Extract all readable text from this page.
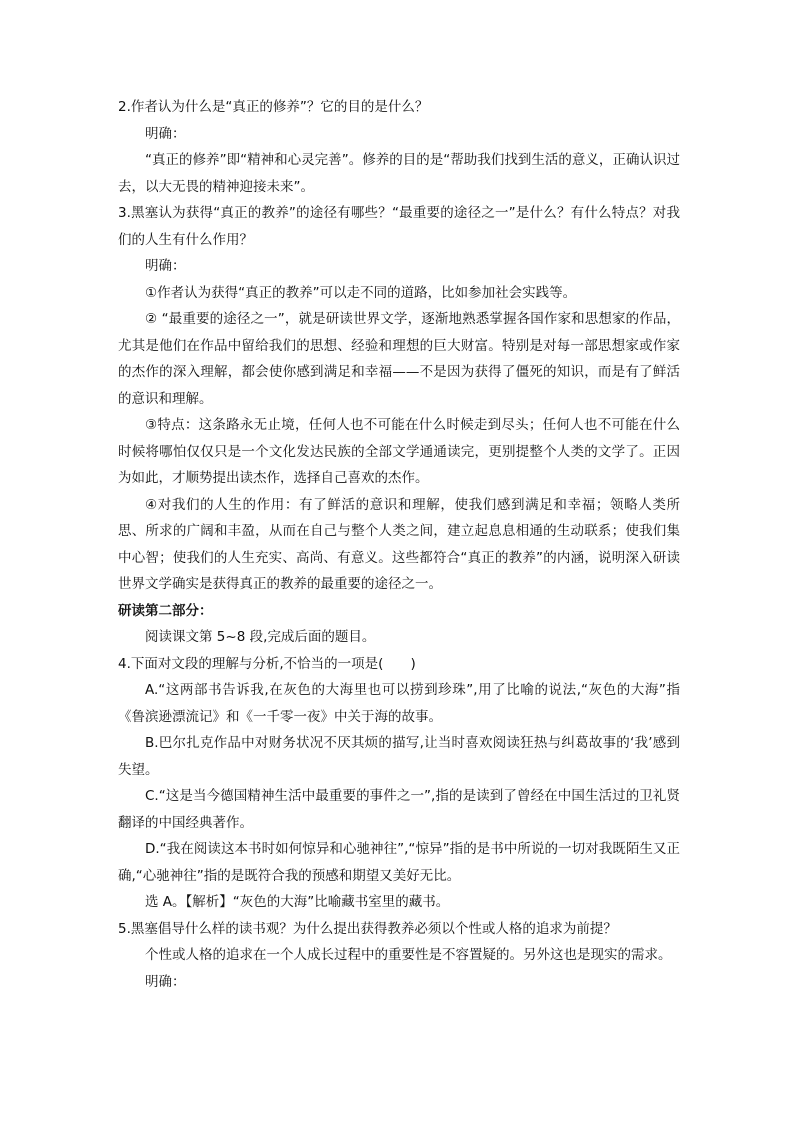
2.作者认为什么是“真正的修养”？它的目的是什么？

明确：

“真正的修养”即“精神和心灵完善”。修养的目的是“帮助我们找到生活的意义，正确认识过去，以大无畏的精神迎接未来”。

3.黑塞认为获得“真正的教养”的途径有哪些？“最重要的途径之一”是什么？有什么特点？对我们的人生有什么作用？

明确：

①作者认为获得“真正的教养”可以走不同的道路，比如参加社会实践等。

② “最重要的途径之一”，就是研读世界文学，逐渐地熟悉掌握各国作家和思想家的作品，尤其是他们在作品中留给我们的思想、经验和理想的巨大财富。特别是对每一部思想家或作家的杰作的深入理解，都会使你感到满足和幸福——不是因为获得了僵死的知识，而是有了鲜活的意识和理解。

③特点：这条路永无止境，任何人也不可能在什么时候走到尽头；任何人也不可能在什么时候将哪怕仅仅只是一个文化发达民族的全部文学通通读完，更别提整个人类的文学了。正因为如此，才顺势提出读杰作，选择自己喜欢的杰作。

④对我们的人生的作用：有了鲜活的意识和理解，使我们感到满足和幸福；领略人类所思、所求的广阔和丰盈，从而在自己与整个人类之间，建立起息息相通的生动联系；使我们集中心智；使我们的人生充实、高尚、有意义。这些都符合“真正的教养”的内涵，说明深入研读世界文学确实是获得真正的教养的最重要的途径之一。

研读第二部分：

阅读课文第 5~8 段,完成后面的题目。

4.下面对文段的理解与分析,不恰当的一项是(　　)

A.“这两部书告诉我,在灰色的大海里也可以捞到珍珠”,用了比喻的说法,“灰色的大海”指《鲁滨逊漂流记》和《一千零一夜》中关于海的故事。

B.巴尔扎克作品中对财务状况不厌其烦的描写,让当时喜欢阅读狂热与纠葛故事的‘我’感到失望。

C.“这是当今德国精神生活中最重要的事件之一”,指的是读到了曾经在中国生活过的卫礼贤翻译的中国经典著作。

D.“我在阅读这本书时如何惊异和心驰神往”,“惊异”指的是书中所说的一切对我既陌生又正确,“心驰神往”指的是既符合我的预感和期望又美好无比。

选 A。【解析】“灰色的大海”比喻藏书室里的藏书。

5.黑塞倡导什么样的读书观？为什么提出获得教养必须以个性或人格的追求为前提？

个性或人格的追求在一个人成长过程中的重要性是不容置疑的。另外这也是现实的需求。

明确：
